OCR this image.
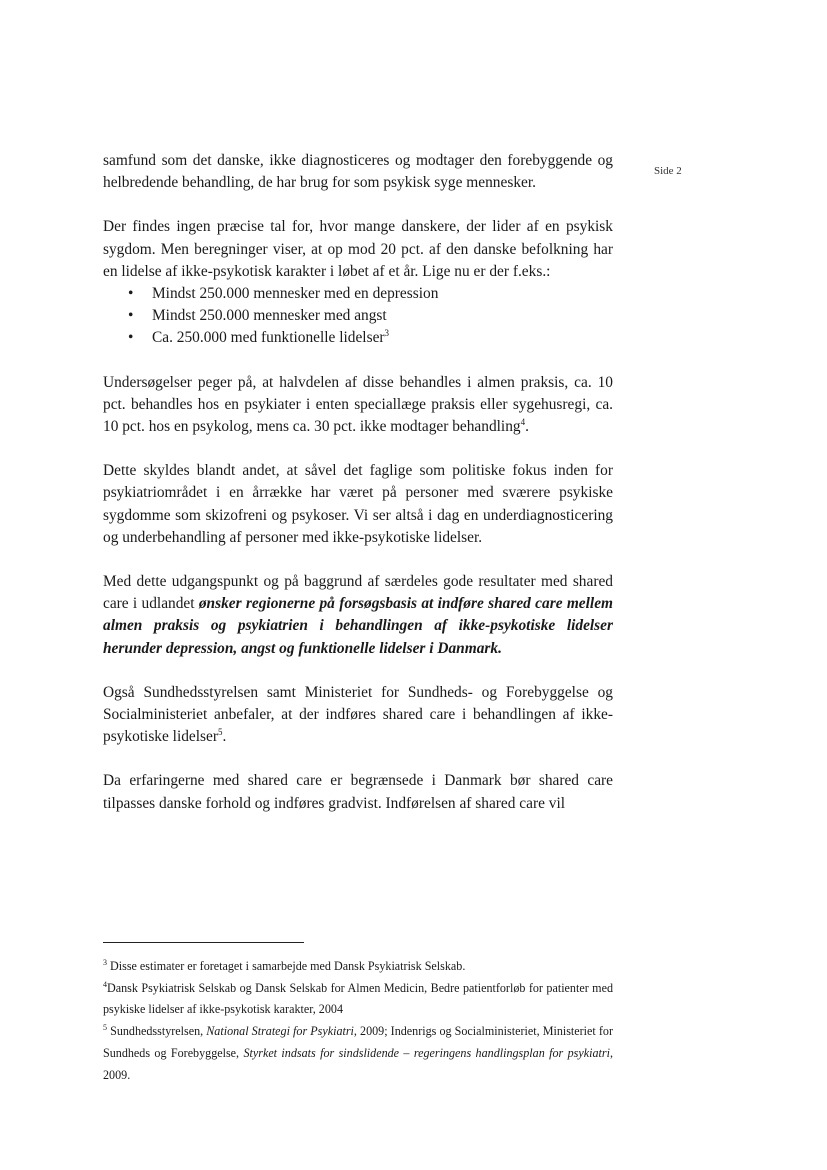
Side 2

samfund som det danske, ikke diagnosticeres og modtager den forebyggende og helbredende behandling, de har brug for som psykisk syge mennesker.

Der findes ingen præcise tal for, hvor mange danskere, der lider af en psykisk sygdom. Men beregninger viser, at op mod 20 pct. af den danske befolkning har en lidelse af ikke-psykotisk karakter i løbet af et år. Lige nu er der f.eks.:

• Mindst 250.000 mennesker med en depression
• Mindst 250.000 mennesker med angst
• Ca. 250.000 med funktionelle lidelser$^3$

Undersøgelser peger på, at halvdelen af disse behandles i almen praksis, ca. 10 pct. behandles hos en psykiater i enten speciallæge praksis eller sygehusregi, ca. 10 pct. hos en psykolog, mens ca. 30 pct. ikke modtager behandling$^4$.

Dette skyldes blandt andet, at såvel det faglige som politiske fokus inden for psykiatriområdet i en årrække har været på personer med sværere psykiske sygdomme som skizofreni og psykoser. Vi ser altså i dag en underdiagnosticering og underbehandling af personer med ikke-psykotiske lidelser.

Med dette udgangspunkt og på baggrund af særdeles gode resultater med shared care i udlandet ønsker regionerne på forsøgsbasis at indføre shared care mellem almen praksis og psykiatrien i behandlingen af ikke-psykotiske lidelser herunder depression, angst og funktionelle lidelser i Danmark.

Også Sundhedsstyrelsen samt Ministeriet for Sundheds- og Forebyggelse og Socialministeriet anbefaler, at der indføres shared care i behandlingen af ikke-psykotiske lidelser$^5$.

Da erfaringerne med shared care er begrænsede i Danmark bør shared care tilpasses danske forhold og indføres gradvist. Indførelsen af shared care vil

$^3$ Disse estimater er foretaget i samarbejde med Dansk Psykiatrisk Selskab.

$^4$Dansk Psykiatrisk Selskab og Dansk Selskab for Almen Medicin, Bedre patientforløb for patienter med psykiske lidelser af ikke-psykotisk karakter, 2004

$^5$ Sundhedsstyrelsen, National Strategi for Psykiatri, 2009; Indenrigs og Socialministeriet, Ministeriet for Sundheds og Forebyggelse, Styrket indsats for sindslidende – regeringens handlingsplan for psykiatri, 2009.
